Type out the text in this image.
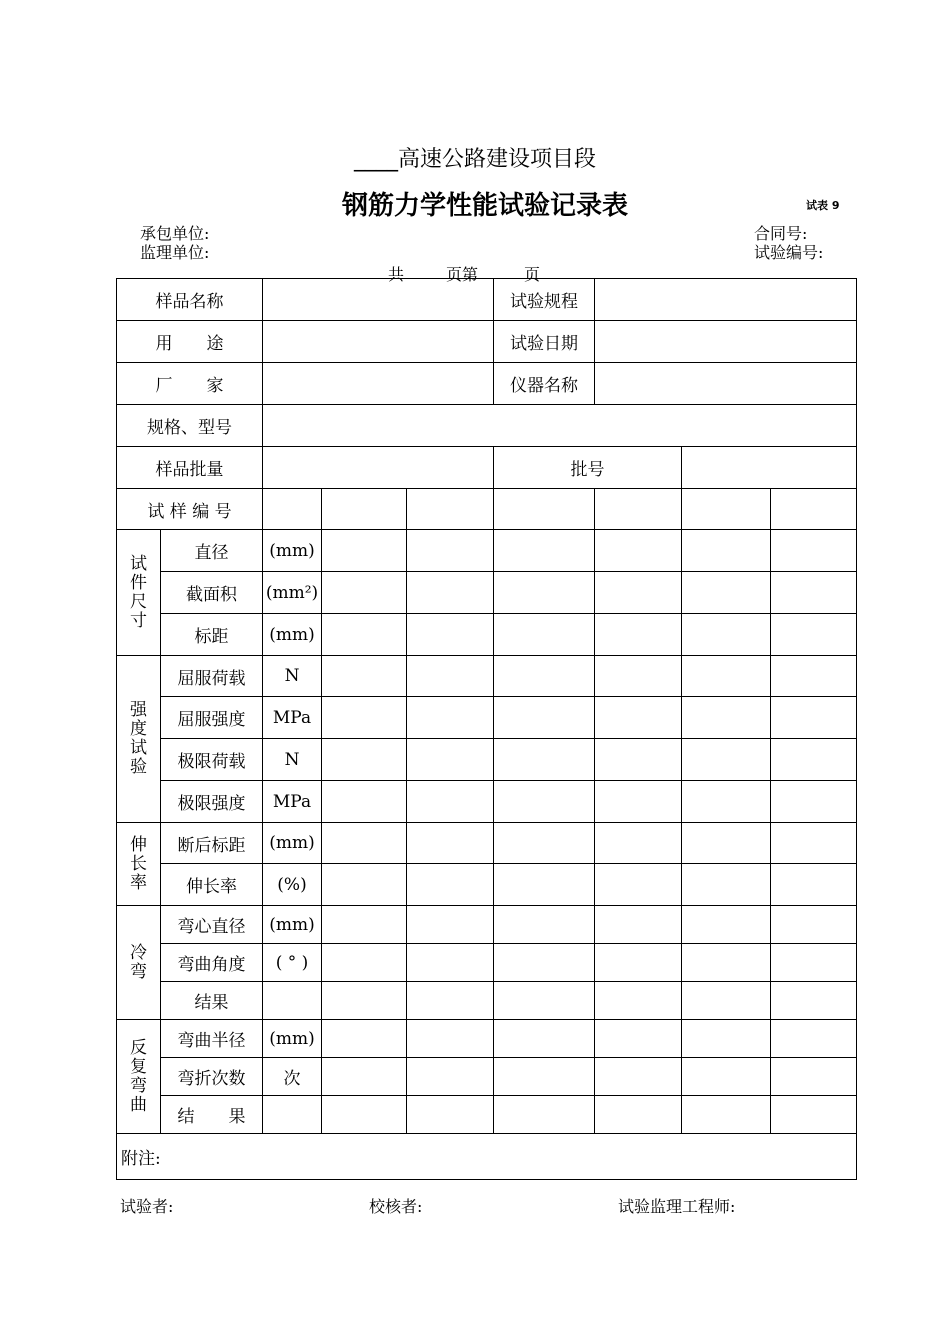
____高速公路建设项目段
钢筋力学性能试验记录表	试表 9
承包单位:
监理单位:
合同号:
试验编号:
共	页第	页
样品名称					试验规程			
用　　途					试验日期			
厂　　家					仪器名称			
规格、型号								
样品批量					批号			
试 样 编 号								
试件尺寸	直径	(mm)						
	截面积	(mm²)						
	标距	(mm)						
强度试验	屈服荷载	N						
	屈服强度	MPa						
	极限荷载	N						
	极限强度	MPa						
伸长率	断后标距	(mm)						
	伸长率	(%)						
冷弯	弯心直径	(mm)						
	弯曲角度	( ° )						
	结果							
反复弯曲	弯曲半径	(mm)						
	弯折次数	次						
	结　　果							
附注:								
试验者:	校核者:	试验监理工程师:
